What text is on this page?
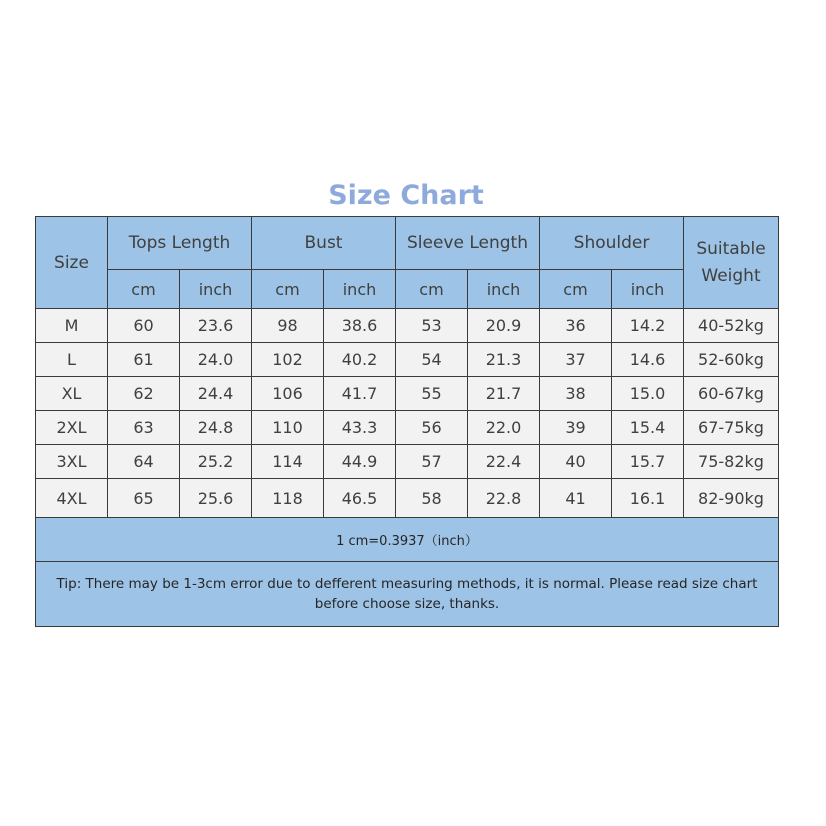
Size Chart
Size	Tops Length		Bust		Sleeve Length		Shoulder		Suitable
Weight

	cm	inch	cm	inch	cm	inch	cm	inch	
M	60	23.6	98	38.6	53	20.9	36	14.2	40-52kg
L	61	24.0	102	40.2	54	21.3	37	14.6	52-60kg
XL	62	24.4	106	41.7	55	21.7	38	15.0	60-67kg
2XL	63	24.8	110	43.3	56	22.0	39	15.4	67-75kg
3XL	64	25.2	114	44.9	57	22.4	40	15.7	75-82kg
4XL	65	25.6	118	46.5	58	22.8	41	16.1	82-90kg
1 cm=0.3937（inch）									
Tip: There may be 1-3cm error due to defferent measuring methods, it is normal. Please read size chart before choose size, thanks.									
